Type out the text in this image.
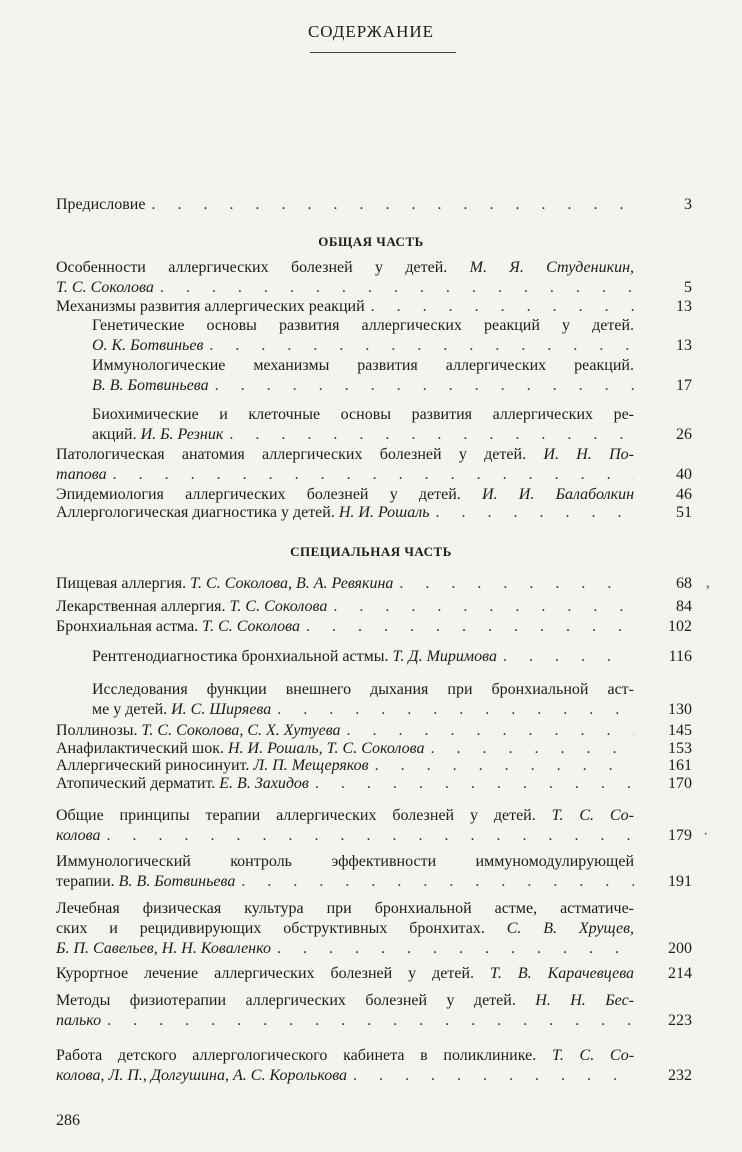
СОДЕРЖАНИЕ
Предисловие . . .	3
ОБЩАЯ ЧАСТЬ
Особенности аллергических болезней у детей. М. Я. Студеникин,
Т. С. Соколова . . .	5
Механизмы развития аллергических реакций . . .	13
Генетические основы развития аллергических реакций у детей.
О. К. Ботвиньев . . .	13
Иммунологические механизмы развития аллергических реакций.
В. В. Ботвиньева . . .	17
Биохимические и клеточные основы развития аллергических ре-
акций.
И. Б. Резник . . .	26
Патологическая анатомия аллергических болезней у детей. И. Н. По-
тапова . . .	40
Эпидемиология аллергических болезней у детей. И. И. Балаболкин	46
Аллергологическая диагностика у детей.
Н. И. Рошаль . . .	51
СПЕЦИАЛЬНАЯ ЧАСТЬ
Пищевая аллергия.
Т. С. Соколова, В. А. Ревякина . . .	68 ‚
Лекарственная аллергия.
Т. С. Соколова . . .	84
Бронхиальная астма.
Т. С. Соколова . . .	102
Рентгенодиагностика бронхиальной астмы.
Т. Д. Миримова . . .	116
Исследования функции внешнего дыхания при бронхиальной аст-
ме у детей.
И. С. Ширяева . . .	130
Поллинозы.
Т. С. Соколова, С. Х. Хутуева . . .	145
Анафилактический шок.
Н. И. Рошаль, Т. С. Соколова . . .	153
Аллергический риносинуит.
Л. П. Мещеряков . . .	161
Атопический дерматит.
Е. В. Захидов . . .	170
Общие принципы терапии аллергических болезней у детей. Т. С. Со-
колова . . .	179 ·
Иммунологический контроль эффективности иммуномодулирующей
терапии.
В. В. Ботвиньева . . .	191
Лечебная физическая культура при бронхиальной астме, астматиче-
ских и рецидивирующих обструктивных бронхитах. С. В. Хрущев,
Б. П. Савельев, Н. Н. Коваленко . . .	200
Курортное лечение аллергических болезней у детей. Т. В. Карачевцева	214
Методы физиотерапии аллергических болезней у детей. Н. Н. Бес-
палько . . .	223
Работа детского аллергологического кабинета в поликлинике. Т. С. Со-
колова, Л. П., Долгушина, А. С. Королькова . . .	232
286
